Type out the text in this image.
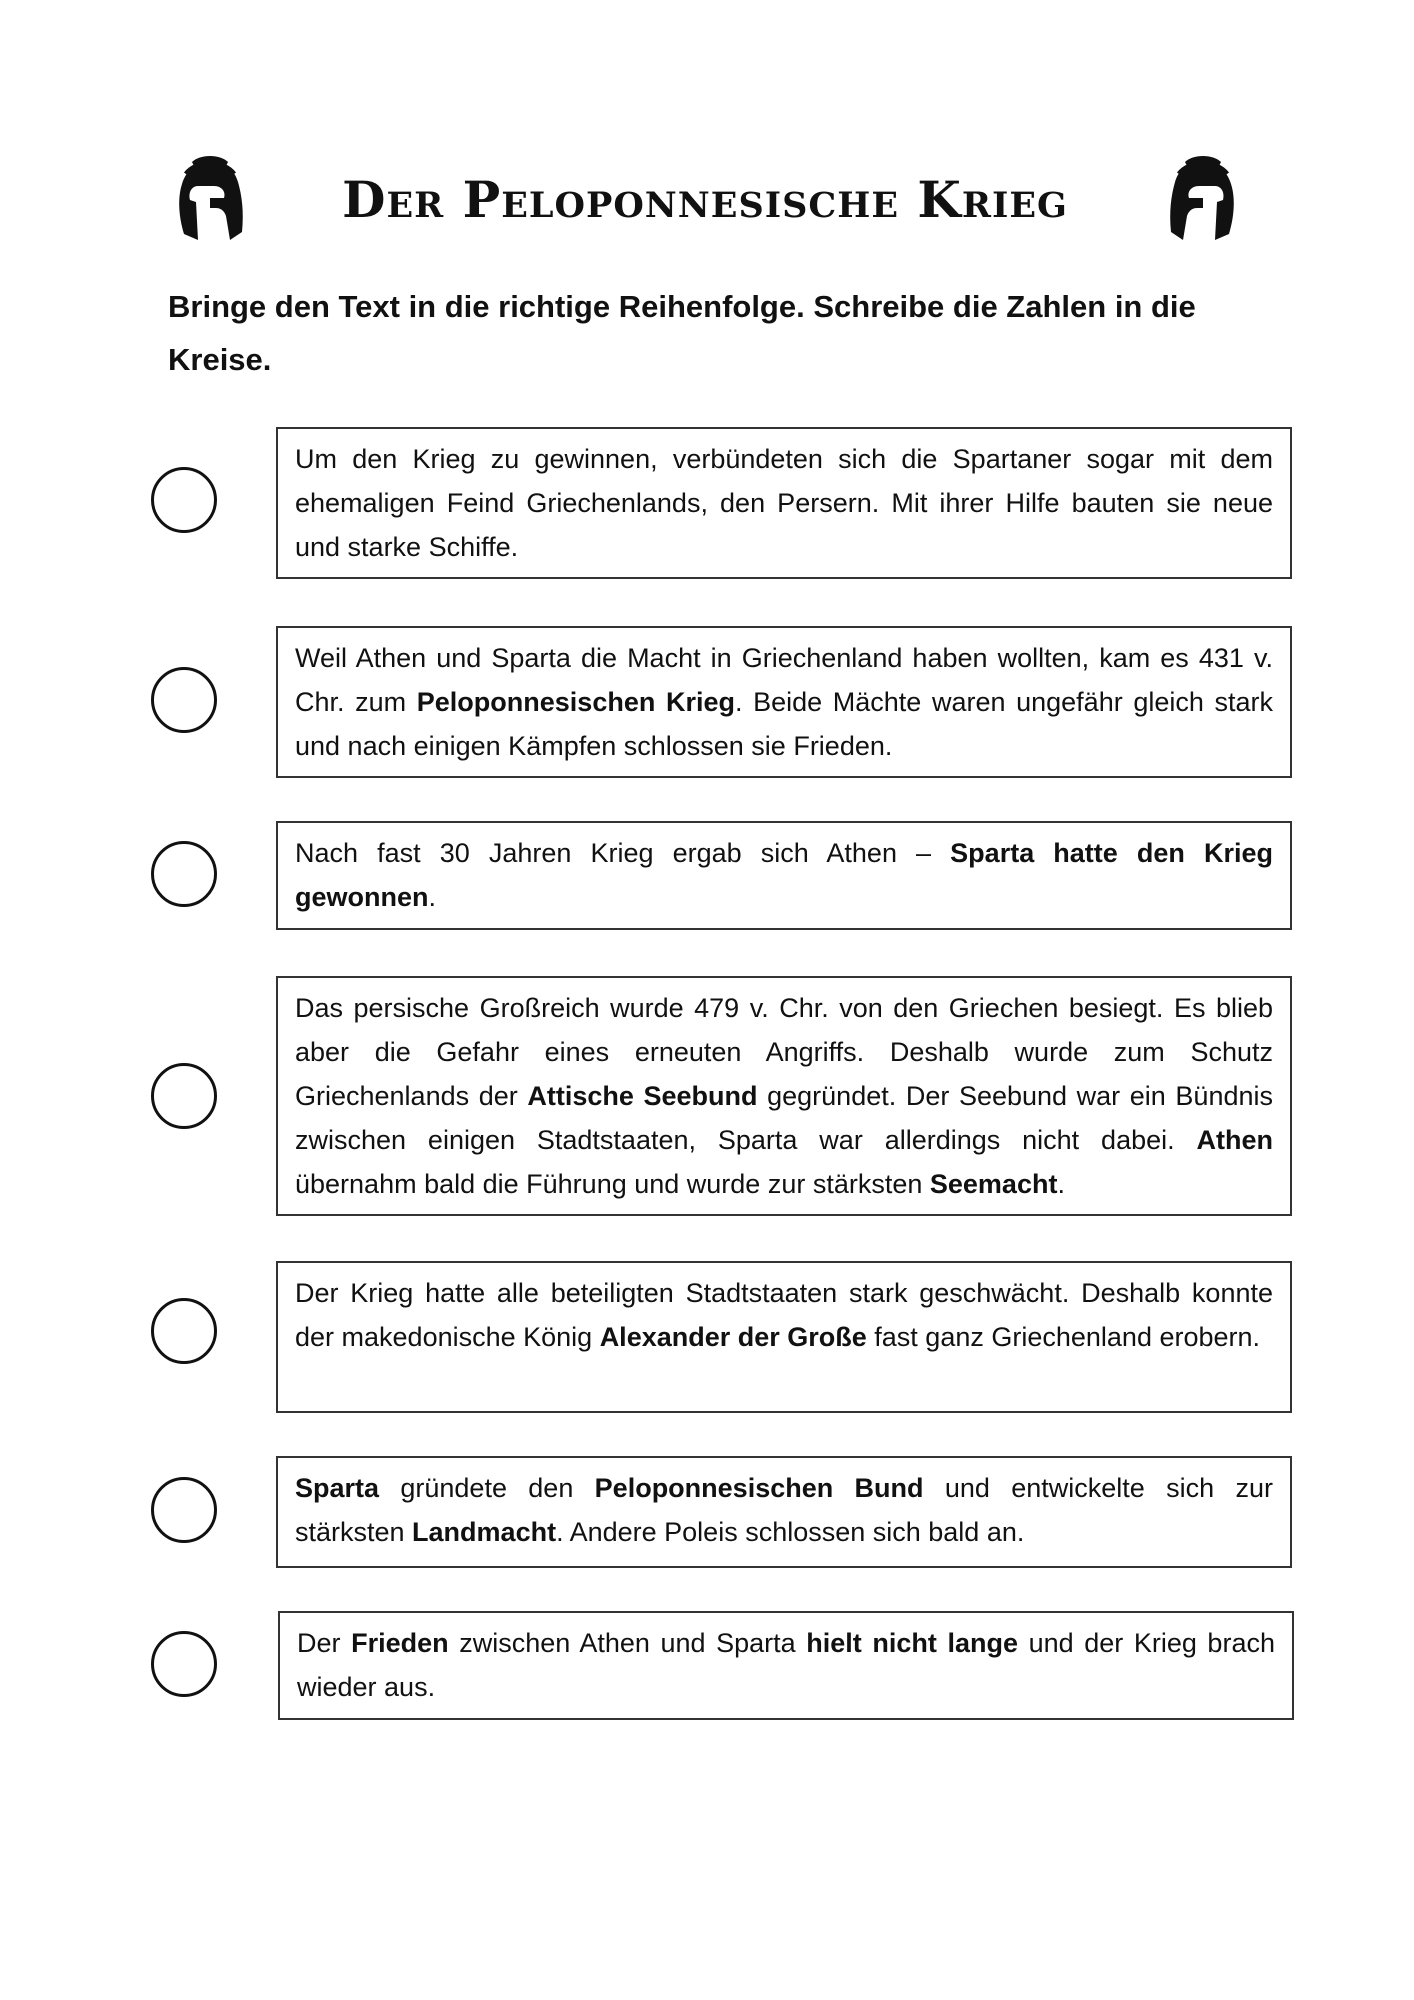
Der Peloponnesische Krieg
Bringe den Text in die richtige Reihenfolge. Schreibe die Zahlen in die Kreise.
Um den Krieg zu gewinnen, verbündeten sich die Spartaner sogar mit dem ehemaligen Feind Griechenlands, den Persern. Mit ihrer Hilfe bauten sie neue und starke Schiffe.
Weil Athen und Sparta die Macht in Griechenland haben wollten, kam es 431 v. Chr. zum Peloponnesischen Krieg. Beide Mächte waren ungefähr gleich stark und nach einigen Kämpfen schlossen sie Frieden.
Nach fast 30 Jahren Krieg ergab sich Athen – Sparta hatte den Krieg gewonnen.
Das persische Großreich wurde 479 v. Chr. von den Griechen besiegt. Es blieb aber die Gefahr eines erneuten Angriffs. Deshalb wurde zum Schutz Griechenlands der Attische Seebund gegründet. Der Seebund war ein Bündnis zwischen einigen Stadtstaaten, Sparta war allerdings nicht dabei. Athen übernahm bald die Führung und wurde zur stärksten Seemacht.
Der Krieg hatte alle beteiligten Stadtstaaten stark geschwächt. Deshalb konnte der makedonische König Alexander der Große fast ganz Griechenland erobern.
Sparta gründete den Peloponnesischen Bund und entwickelte sich zur stärksten Landmacht. Andere Poleis schlossen sich bald an.
Der Frieden zwischen Athen und Sparta hielt nicht lange und der Krieg brach wieder aus.
